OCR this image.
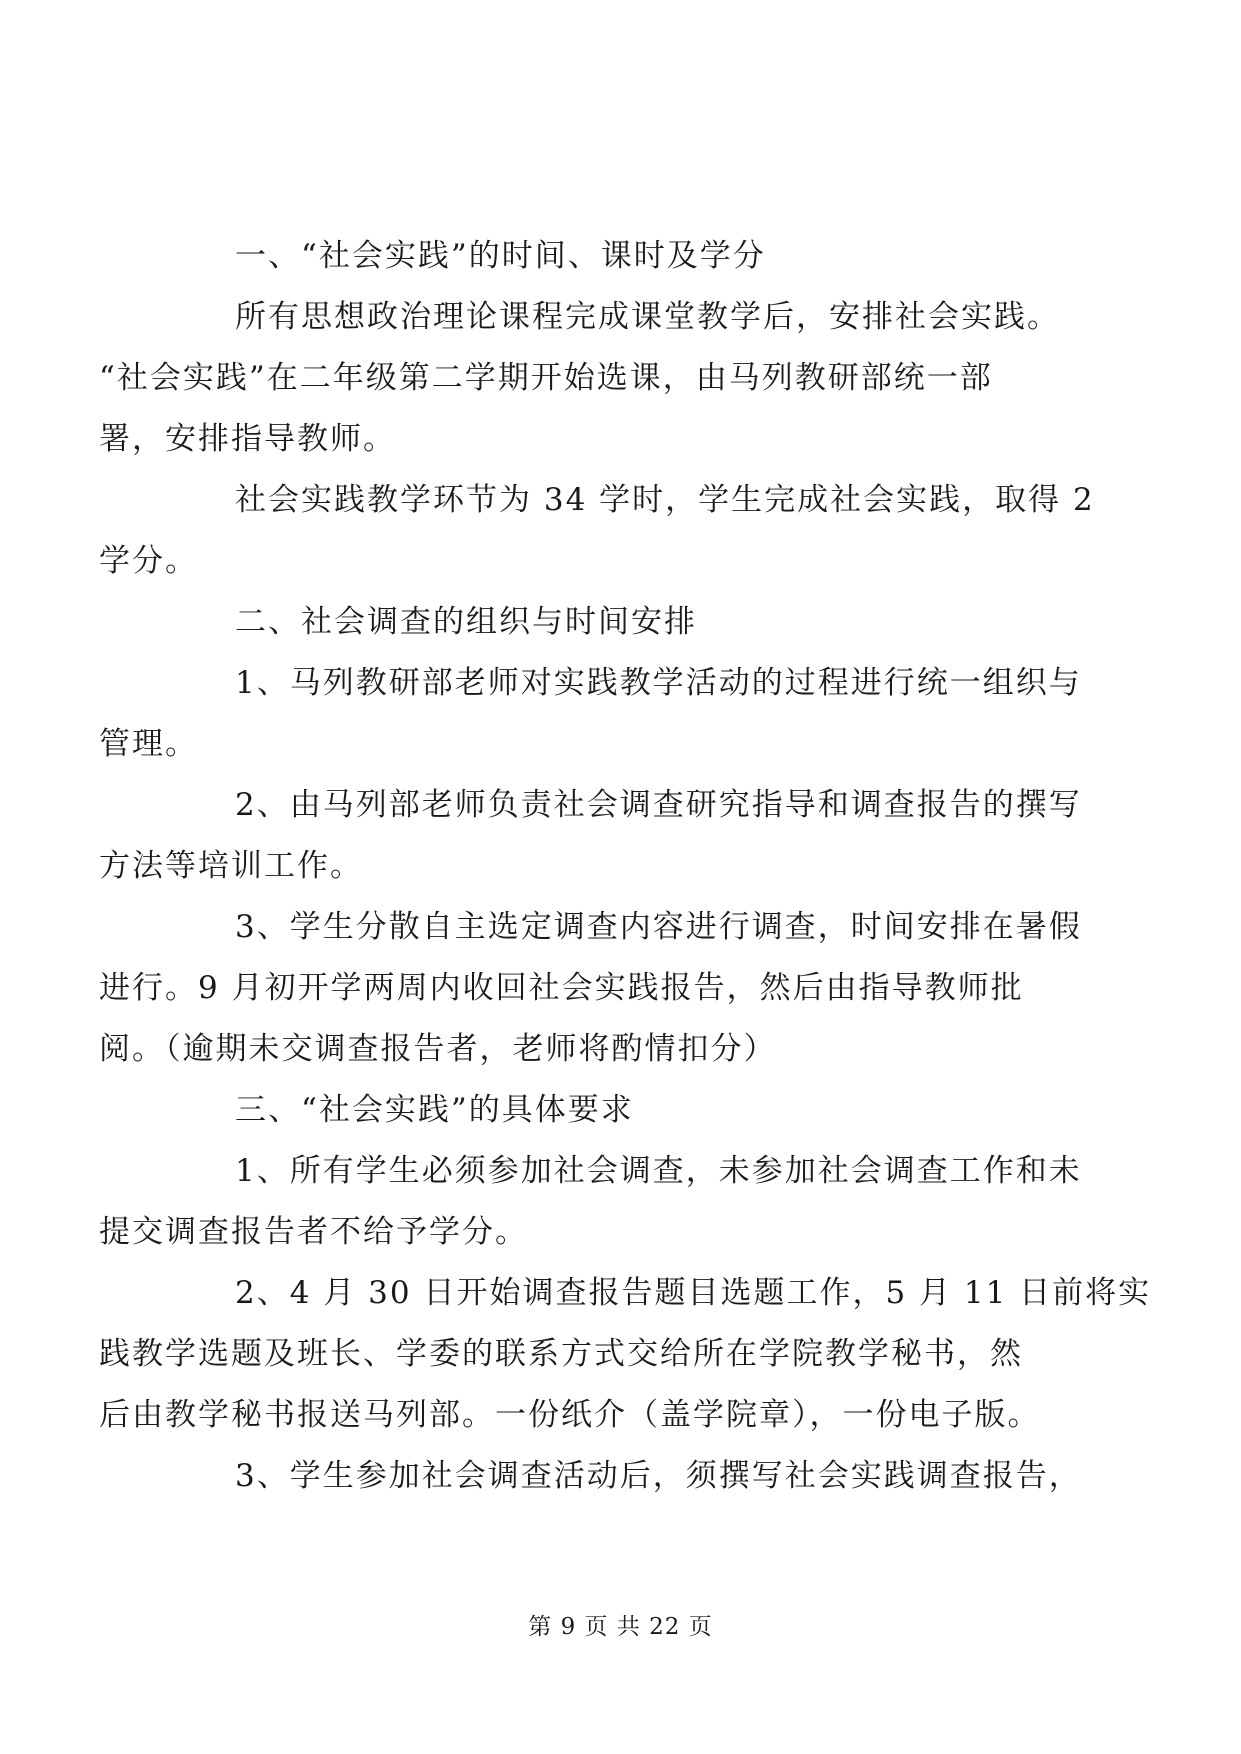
一、“社会实践”的时间、课时及学分

所有思想政治理论课程完成课堂教学后，安排社会实践。
“社会实践”在二年级第二学期开始选课，由马列教研部统一部
署，安排指导教师。

社会实践教学环节为 34 学时，学生完成社会实践，取得 2
学分。

二、社会调查的组织与时间安排

1、马列教研部老师对实践教学活动的过程进行统一组织与
管理。

2、由马列部老师负责社会调查研究指导和调查报告的撰写
方法等培训工作。

3、学生分散自主选定调查内容进行调查，时间安排在暑假
进行。9 月初开学两周内收回社会实践报告，然后由指导教师批
阅。（逾期未交调查报告者，老师将酌情扣分）

三、“社会实践”的具体要求

1、所有学生必须参加社会调查，未参加社会调查工作和未
提交调查报告者不给予学分。

2、4 月 30 日开始调查报告题目选题工作，5 月 11 日前将实
践教学选题及班长、学委的联系方式交给所在学院教学秘书，然
后由教学秘书报送马列部。一份纸介（盖学院章），一份电子版。

3、学生参加社会调查活动后，须撰写社会实践调查报告，

第 9 页 共 22 页
